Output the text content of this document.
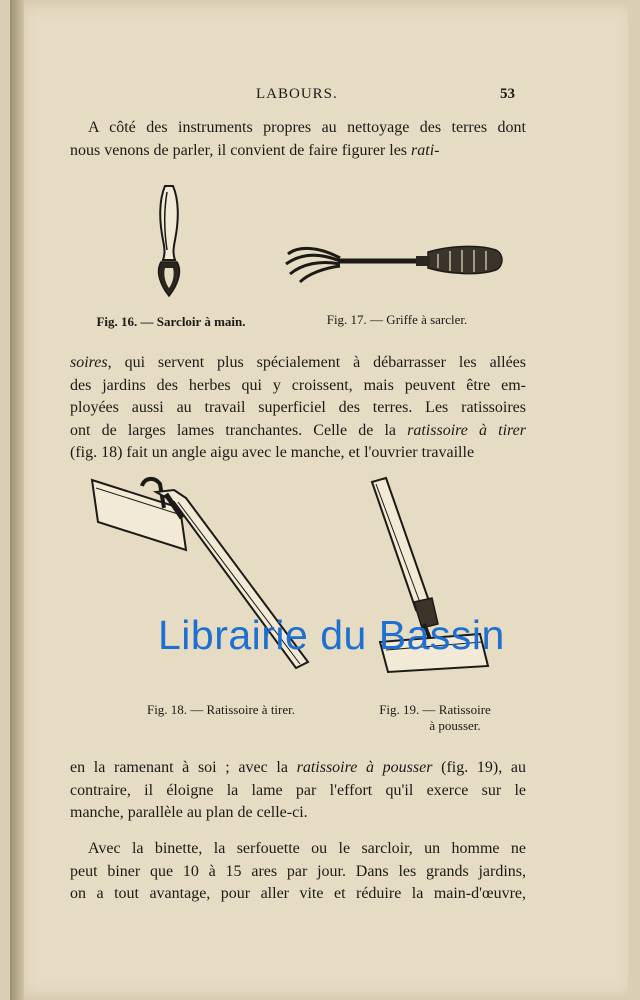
LABOURS.	53

A côté des instruments propres au nettoyage des terres dont
nous venons de parler, il convient de faire figurer les rati-

Fig. 16. — Sarcloir à main.	Fig. 17. — Griffe à sarcler.

soires, qui servent plus spécialement à débarrasser les allées
des jardins des herbes qui y croissent, mais peuvent être em-
ployées aussi au travail superficiel des terres. Les ratissoires
ont de larges lames tranchantes. Celle de la ratissoire à tirer
(fig. 18) fait un angle aigu avec le manche, et l'ouvrier travaille

Librairie du Bassin
Fig. 18. — Ratissoire à tirer.	Fig. 19. — Ratissoire
à pousser.

en la ramenant à soi ; avec la ratissoire à pousser (fig. 19), au
contraire, il éloigne la lame par l'effort qu'il exerce sur le
manche, parallèle au plan de celle-ci.

Avec la binette, la serfouette ou le sarcloir, un homme ne
peut biner que 10 à 15 ares par jour. Dans les grands jardins,
on a tout avantage, pour aller vite et réduire la main-d'œuvre,
